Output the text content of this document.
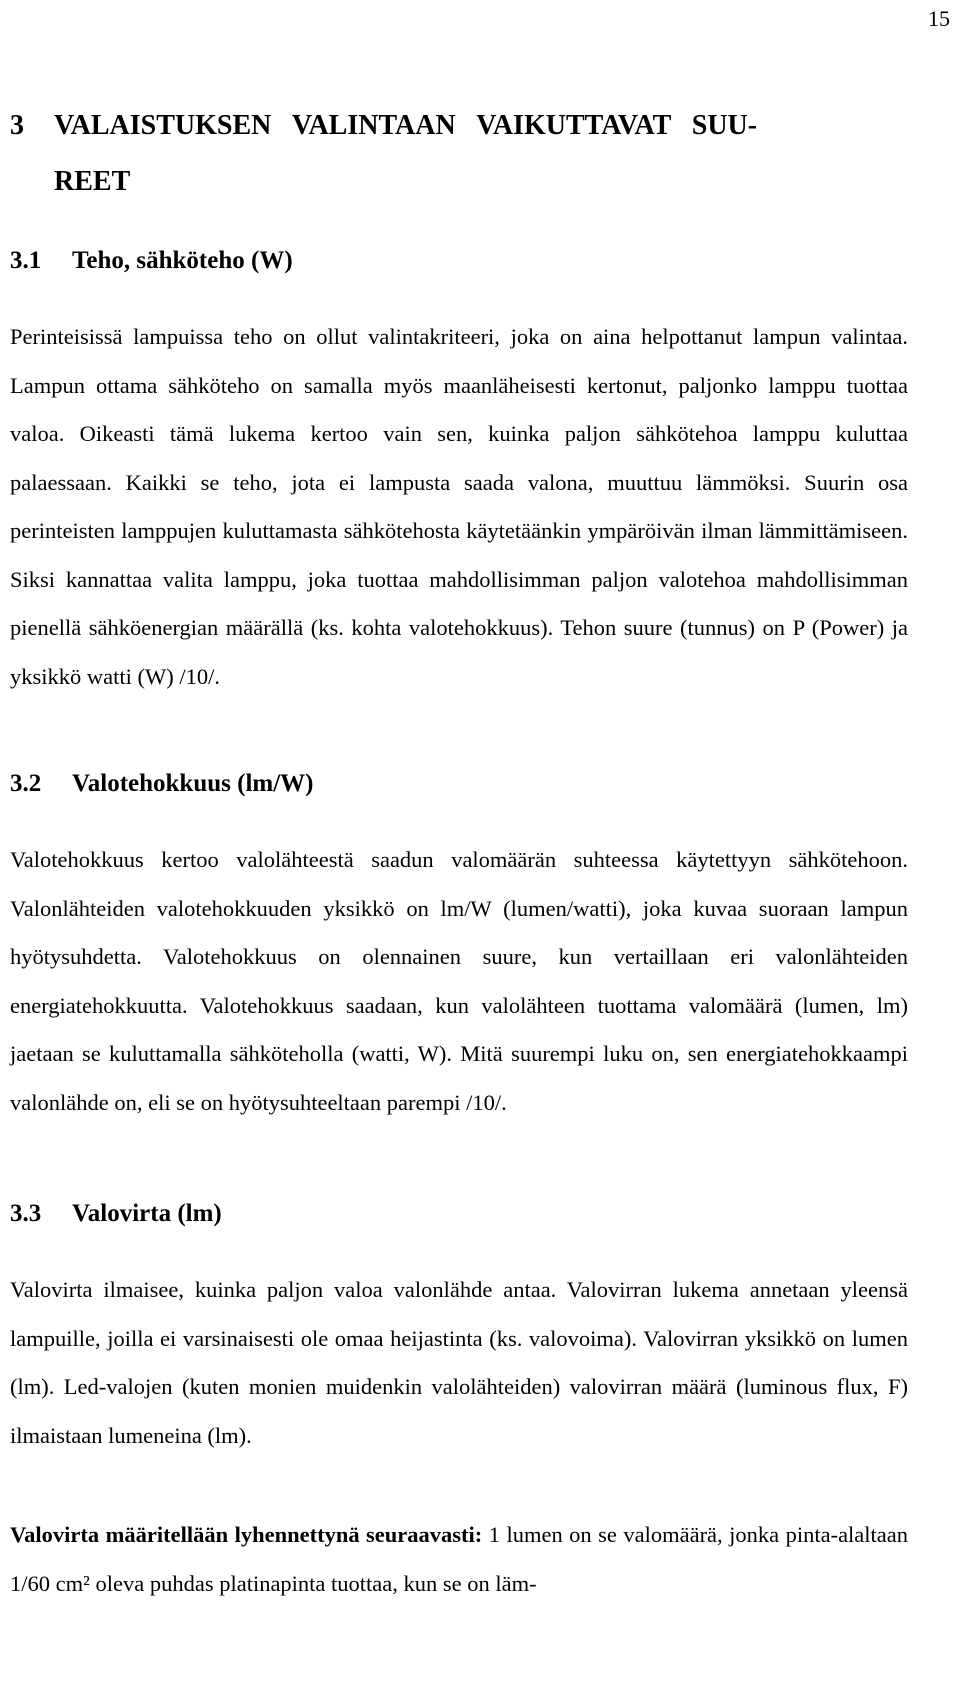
15
3 VALAISTUKSEN   VALINTAAN   VAIKUTTAVAT   SUU-
REET
3.1 Teho, sähköteho (W)

Perinteisissä lampuissa teho on ollut valintakriteeri, joka on aina helpottanut lampun valintaa. Lampun ottama sähköteho on samalla myös maanläheisesti kertonut, paljonko lamppu tuottaa valoa. Oikeasti tämä lukema kertoo vain sen, kuinka paljon sähkötehoa lamppu kuluttaa palaessaan. Kaikki se teho, jota ei lampusta saada valona, muuttuu lämmöksi. Suurin osa perinteisten lamppujen kuluttamasta sähkötehosta käytetäänkin ympäröivän ilman lämmittämiseen. Siksi kannattaa valita lamppu, joka tuottaa mahdollisimman paljon valotehoa mahdollisimman pienellä sähköenergian määrällä (ks. kohta valotehokkuus). Tehon suure (tunnus) on P (Power) ja yksikkö watti (W) /10/.

3.2 Valotehokkuus (lm/W)

Valotehokkuus kertoo valolähteestä saadun valomäärän suhteessa käytettyyn sähkötehoon. Valonlähteiden valotehokkuuden yksikkö on lm/W (lumen/watti), joka kuvaa suoraan lampun hyötysuhdetta. Valotehokkuus on olennainen suure, kun vertaillaan eri valonlähteiden energiatehokkuutta. Valotehokkuus saadaan, kun valolähteen tuottama valomäärä (lumen, lm) jaetaan se kuluttamalla sähköteholla (watti, W). Mitä suurempi luku on, sen energiatehokkaampi valonlähde on, eli se on hyötysuhteeltaan parempi /10/.

3.3 Valovirta (lm)

Valovirta ilmaisee, kuinka paljon valoa valonlähde antaa. Valovirran lukema annetaan yleensä lampuille, joilla ei varsinaisesti ole omaa heijastinta (ks. valovoima). Valovirran yksikkö on lumen (lm). Led-valojen (kuten monien muidenkin valolähteiden) valovirran määrä (luminous flux, F) ilmaistaan lumeneina (lm).

Valovirta määritellään lyhennettynä seuraavasti: 1 lumen on se valomäärä, jonka pinta-alaltaan 1/60 cm² oleva puhdas platinapinta tuottaa, kun se on läm-
